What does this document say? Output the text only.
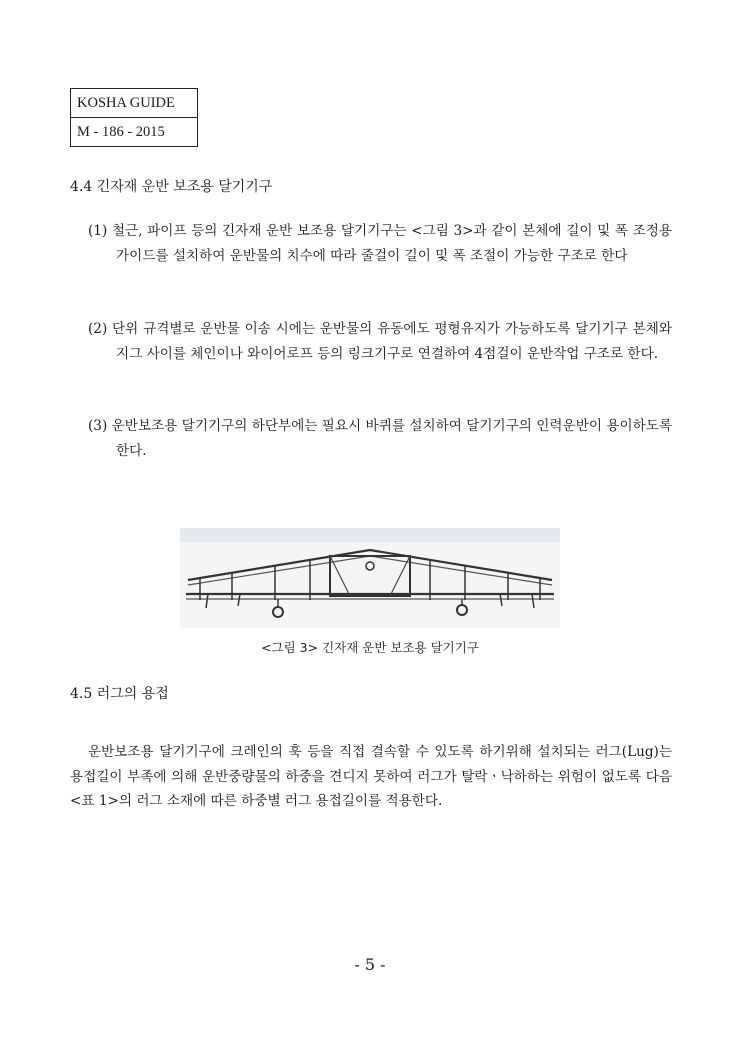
KOSHA GUIDE
M - 186 - 2015
4.4 긴자재 운반 보조용 달기기구
(1) 철근, 파이프 등의 긴자재 운반 보조용 달기기구는 <그림 3>과 같이 본체에 길이 및 폭 조정용 가이드를 설치하여 운반물의 치수에 따라 줄걸이 길이 및 폭 조절이 가능한 구조로 한다
(2) 단위 규격별로 운반물 이송 시에는 운반물의 유동에도 평형유지가 가능하도록 달기기구 본체와 지그 사이를 체인이나 와이어로프 등의 링크기구로 연결하여 4점걸이 운반작업 구조로 한다.
(3) 운반보조용 달기기구의 하단부에는 필요시 바퀴를 설치하여 달기기구의 인력운반이 용이하도록 한다.
<그림 3> 긴자재 운반 보조용 달기기구
4.5 러그의 용접
운반보조용 달기기구에 크레인의 훅 등을 직접 결속할 수 있도록 하기위해 설치되는 러그(Lug)는 용접길이 부족에 의해 운반중량물의 하중을 견디지 못하여 러그가 탈락ㆍ낙하하는 위험이 없도록 다음 <표 1>의 러그 소재에 따른 하중별 러그 용접길이를 적용한다.
- 5 -
